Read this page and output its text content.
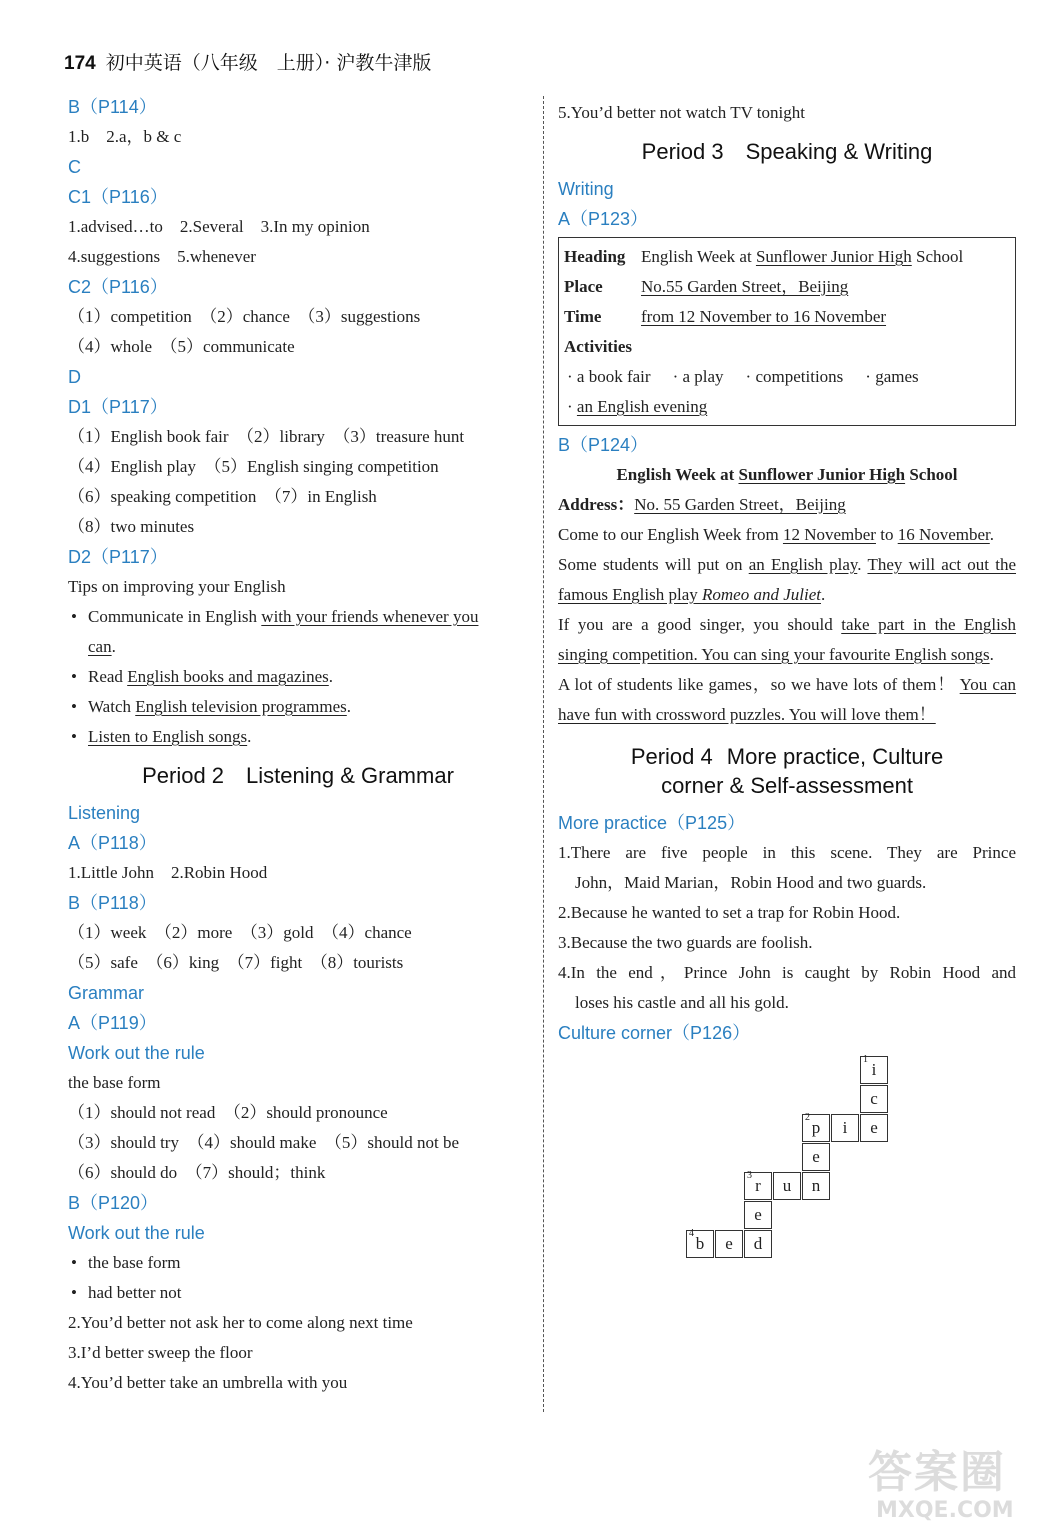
174 初中英语（八年级　上册）· 沪教牛津版
B（P114）
1.b　2.a，b & c
C
C1（P116）
1.advised…to　2.Several　3.In my opinion
4.suggestions　5.whenever
C2（P116）
（1）competition　（2）chance　（3）suggestions
（4）whole　（5）communicate
D
D1（P117）
（1）English book fair　（2）library　（3）treasure hunt
（4）English play　（5）English singing competition
（6）speaking competition　（7）in English
（8）two minutes
D2（P117）
Tips on improving your English
• Communicate in English with your friends whenever you
can.
• Read English books and magazines.
• Watch English television programmes.
• Listen to English songs.
Period 2 Listening & Grammar
Listening
A（P118）
1.Little John　2.Robin Hood
B（P118）
（1）week　（2）more　（3）gold　（4）chance
（5）safe　（6）king　（7）fight　（8）tourists
Grammar
A（P119）
Work out the rule
the base form
（1）should not read　（2）should pronounce
（3）should try　（4）should make　（5）should not be
（6）should do　（7）should；think
B（P120）
Work out the rule
• the base form
• had better not
2.You’d better not ask her to come along next time
3.I’d better sweep the floor
4.You’d better take an umbrella with you
5.You’d better not watch TV tonight
Period 3 Speaking & Writing
Writing
A（P123）
Heading English Week at Sunflower Junior High School
Place No.55 Garden Street，Beijing
Time from 12 November to 16 November
Activities
· a book fair · a play · competitions · games
· an English evening
B（P124）
English Week at Sunflower Junior High School
Address：No. 55 Garden Street，Beijing
Come to our English Week from 12 November to 16 November.
Some students will put on an English play. They will act out the famous English play Romeo and Juliet.
If you are a good singer, you should take part in the English singing competition. You can sing your favourite English songs.
A lot of students like games，so we have lots of them！ You can have fun with crossword puzzles. You will love them！
Period 4 More practice, Culture
corner & Self-assessment
More practice（P125）
1.There are five people in this scene. They are Prince
John，Maid Marian，Robin Hood and two guards.
2.Because he wanted to set a trap for Robin Hood.
3.Because the two guards are foolish.
4.In the end，Prince John is caught by Robin Hood and
loses his castle and all his gold.
Culture corner（P126）
1
i
c
2
p	i	e
e
3
r	u	n
e
4
b	e	d
答案圈
MXQE.COM
